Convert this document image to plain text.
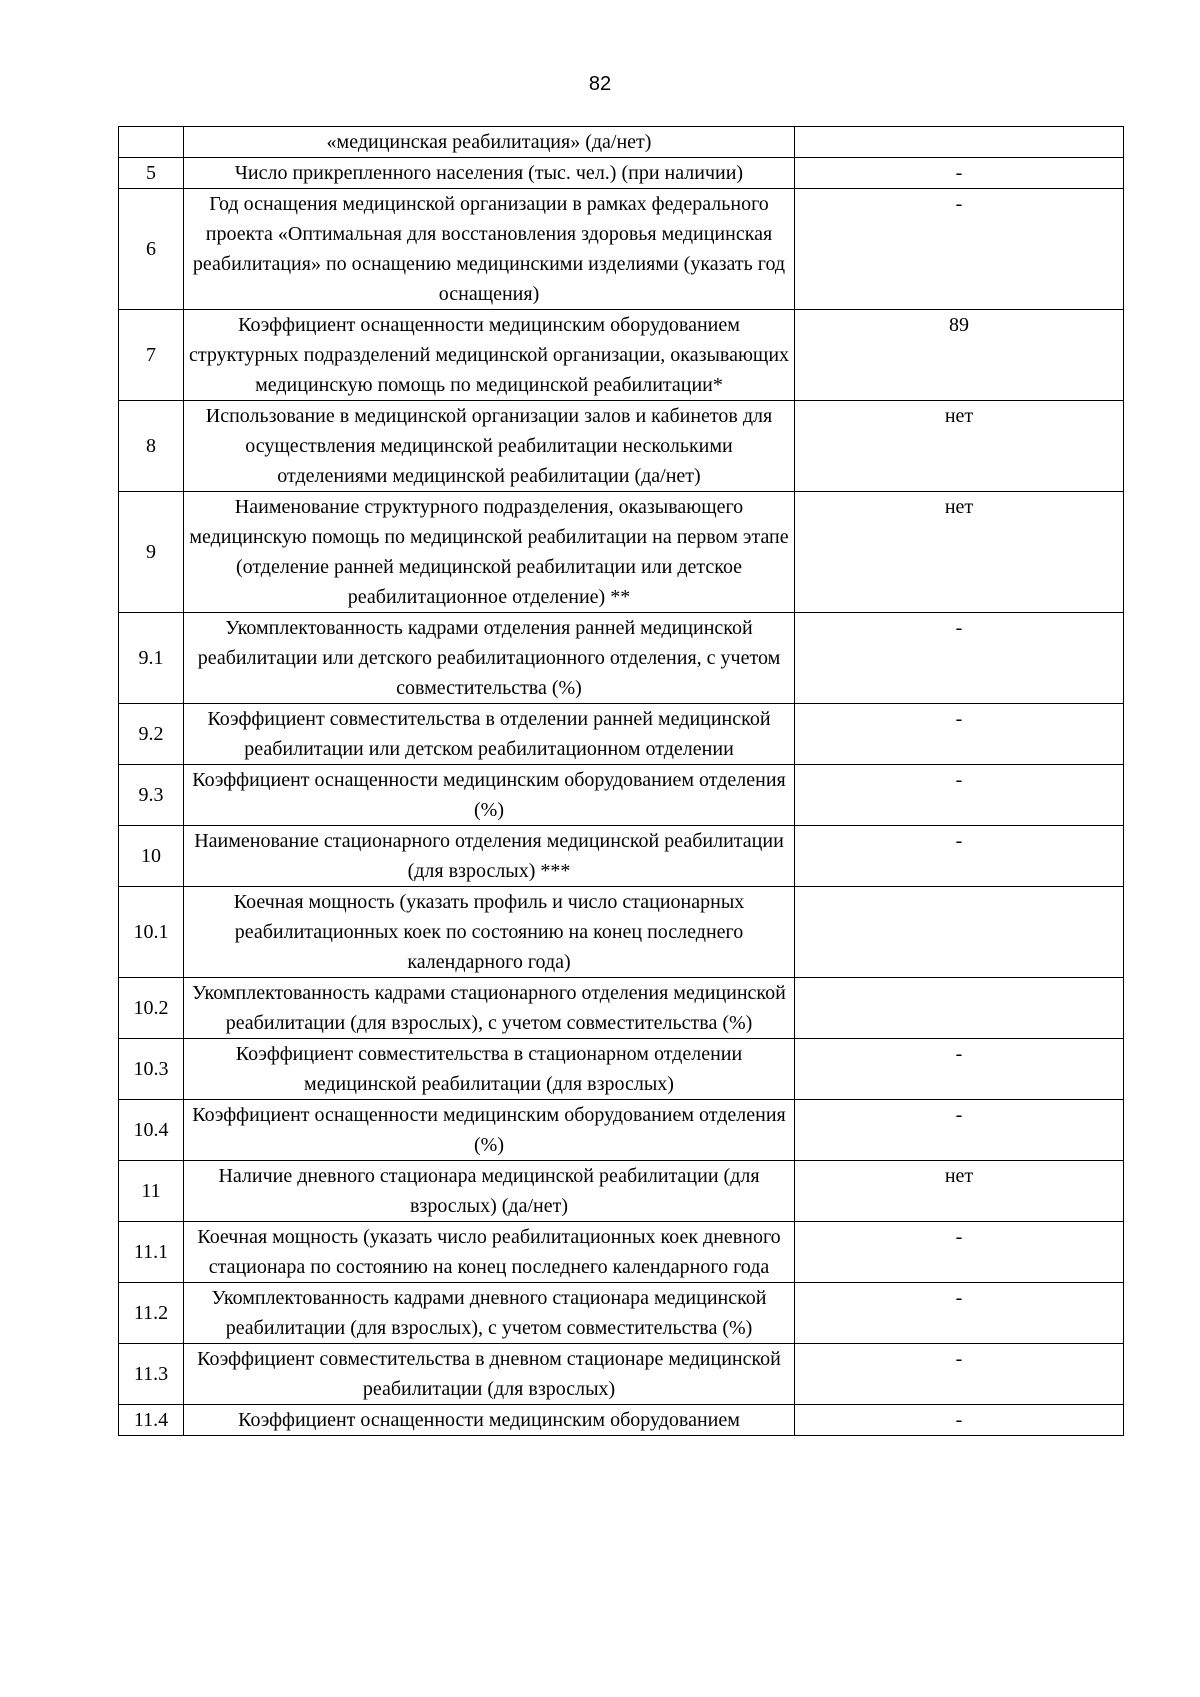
82
	«медицинская реабилитация» (да/нет)	
5	Число прикрепленного населения (тыс. чел.) (при наличии)	-
6	Год оснащения медицинской организации в рамках федерального проекта «Оптимальная для восстановления здоровья медицинская реабилитация» по оснащению медицинскими изделиями (указать год оснащения)	-
7	Коэффициент оснащенности медицинским оборудованием структурных подразделений медицинской организации, оказывающих медицинскую помощь по медицинской реабилитации*	89
8	Использование в медицинской организации залов и кабинетов для осуществления медицинской реабилитации несколькими отделениями медицинской реабилитации (да/нет)	нет
9	Наименование структурного подразделения, оказывающего медицинскую помощь по медицинской реабилитации на первом этапе (отделение ранней медицинской реабилитации или детское реабилитационное отделение) **	нет
9.1	Укомплектованность кадрами отделения ранней медицинской реабилитации или детского реабилитационного отделения, с учетом совместительства (%)	-
9.2	Коэффициент совместительства в отделении ранней медицинской реабилитации или детском реабилитационном отделении	-
9.3	Коэффициент оснащенности медицинским оборудованием отделения (%)	-
10	Наименование стационарного отделения медицинской реабилитации (для взрослых) ***	-
10.1	Коечная мощность (указать профиль и число стационарных реабилитационных коек по состоянию на конец последнего календарного года)	
10.2	Укомплектованность кадрами стационарного отделения медицинской реабилитации (для взрослых), с учетом совместительства (%)	
10.3	Коэффициент совместительства в стационарном отделении медицинской реабилитации (для взрослых)	-
10.4	Коэффициент оснащенности медицинским оборудованием отделения (%)	-
11	Наличие дневного стационара медицинской реабилитации (для взрослых) (да/нет)	нет
11.1	Коечная мощность (указать число реабилитационных коек дневного стационара по состоянию на конец последнего календарного года	-
11.2	Укомплектованность кадрами дневного стационара медицинской реабилитации (для взрослых), с учетом совместительства (%)	-
11.3	Коэффициент совместительства в дневном стационаре медицинской реабилитации (для взрослых)	-
11.4	Коэффициент оснащенности медицинским оборудованием	-
